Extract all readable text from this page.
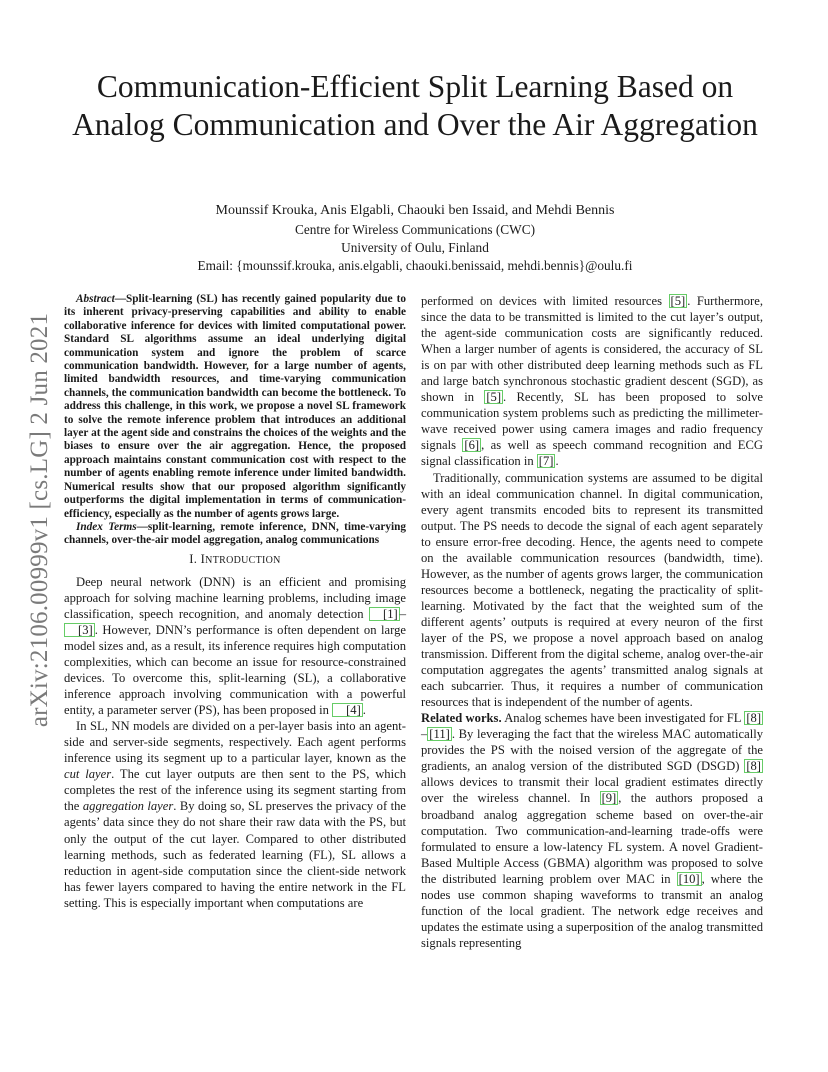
arXiv:2106.00999v1 [cs.LG] 2 Jun 2021
Communication-Efficient Split Learning Based on Analog Communication and Over the Air Aggregation
Mounssif Krouka, Anis Elgabli, Chaouki ben Issaid, and Mehdi Bennis
Centre for Wireless Communications (CWC)
University of Oulu, Finland
Email: {mounssif.krouka, anis.elgabli, chaouki.benissaid, mehdi.bennis}@oulu.fi

Abstract—Split-learning (SL) has recently gained popularity due to its inherent privacy-preserving capabilities and ability to enable collaborative inference for devices with limited computational power. Standard SL algorithms assume an ideal underlying digital communication system and ignore the problem of scarce communication bandwidth. However, for a large number of agents, limited bandwidth resources, and time-varying communication channels, the communication bandwidth can become the bottleneck. To address this challenge, in this work, we propose a novel SL framework to solve the remote inference problem that introduces an additional layer at the agent side and constrains the choices of the weights and the biases to ensure over the air aggregation. Hence, the proposed approach maintains constant communication cost with respect to the number of agents enabling remote inference under limited bandwidth. Numerical results show that our proposed algorithm significantly outperforms the digital implementation in terms of communication-efficiency, especially as the number of agents grows large.

Index Terms—split-learning, remote inference, DNN, time-varying channels, over-the-air model aggregation, analog communications

I. INTRODUCTION

Deep neural network (DNN) is an efficient and promising approach for solving machine learning problems, including image classification, speech recognition, and anomaly detection [1] –[3] . However, DNN’s performance is often dependent on large model sizes and, as a result, its inference requires high computation complexities, which can become an issue for resource-constrained devices. To overcome this, split-learning (SL), a collaborative inference approach involving communication with a powerful entity, a parameter server (PS), has been proposed in [4] .

In SL, NN models are divided on a per-layer basis into an agent-side and server-side segments, respectively. Each agent performs inference using its segment up to a particular layer, known as the cut layer. The cut layer outputs are then sent to the PS, which completes the rest of the inference using its segment starting from the aggregation layer. By doing so, SL preserves the privacy of the agents’ data since they do not share their raw data with the PS, but only the output of the cut layer. Compared to other distributed learning methods, such as federated learning (FL), SL allows a reduction in agent-side computation since the client-side network has fewer layers compared to having the entire network in the FL setting. This is especially important when computations are

performed on devices with limited resources [5] . Furthermore, since the data to be transmitted is limited to the cut layer’s output, the agent-side communication costs are significantly reduced. When a larger number of agents is considered, the accuracy of SL is on par with other distributed deep learning methods such as FL and large batch synchronous stochastic gradient descent (SGD), as shown in [5] . Recently, SL has been proposed to solve communication system problems such as predicting the millimeter-wave received power using camera images and radio frequency signals [6] , as well as speech command recognition and ECG signal classification in [7] .

Traditionally, communication systems are assumed to be digital with an ideal communication channel. In digital communication, every agent transmits encoded bits to represent its transmitted output. The PS needs to decode the signal of each agent separately to ensure error-free decoding. Hence, the agents need to compete on the available communication resources (bandwidth, time). However, as the number of agents grows larger, the communication resources become a bottleneck, negating the practicality of split-learning. Motivated by the fact that the weighted sum of the different agents’ outputs is required at every neuron of the first layer of the PS, we propose a novel approach based on analog transmission. Different from the digital scheme, analog over-the-air computation aggregates the agents’ transmitted analog signals at each subcarrier. Thus, it requires a number of communication resources that is independent of the number of agents.

Related works. Analog schemes have been investigated for FL [8]– [11] . By leveraging the fact that the wireless MAC automatically provides the PS with the noised version of the aggregate of the gradients, an analog version of the distributed SGD (DSGD) [8] allows devices to transmit their local gradient estimates directly over the wireless channel. In [9] , the authors proposed a broadband analog aggregation scheme based on over-the-air computation. Two communication-and-learning trade-offs were formulated to ensure a low-latency FL system. A novel Gradient-Based Multiple Access (GBMA) algorithm was proposed to solve the distributed learning problem over MAC in [10] , where the nodes use common shaping waveforms to transmit an analog function of the local gradient. The network edge receives and updates the estimate using a superposition of the analog transmitted signals representing
